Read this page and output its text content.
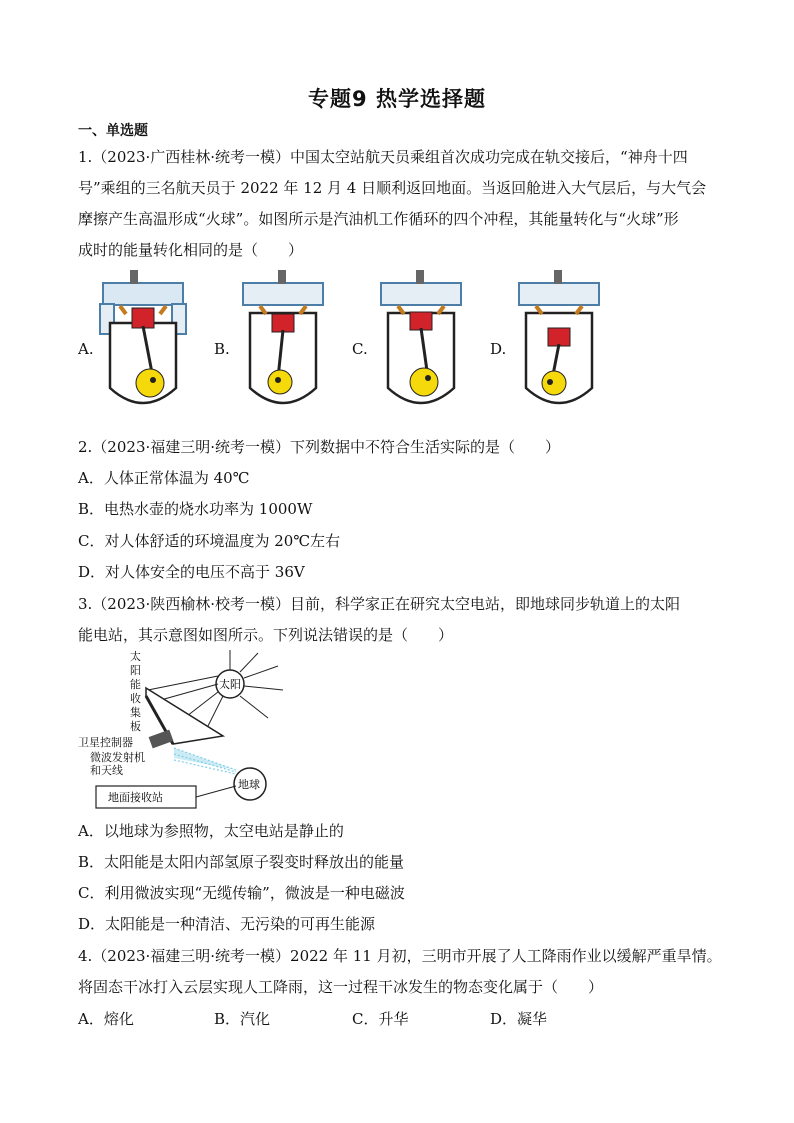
专题9 热学选择题
一、单选题
1.（2023·广西桂林·统考一模）中国太空站航天员乘组首次成功完成在轨交接后，“神舟十四
号”乘组的三名航天员于 2022 年 12 月 4 日顺利返回地面。当返回舱进入大气层后，与大气会
摩擦产生高温形成“火球”。如图所示是汽油机工作循环的四个冲程，其能量转化与“火球”形
成时的能量转化相同的是（　　）
A.	B.	C.	D.
2.（2023·福建三明·统考一模）下列数据中不符合生活实际的是（　　）
A．人体正常体温为 40℃
B．电热水壶的烧水功率为 1000W
C．对人体舒适的环境温度为 20℃左右
D．对人体安全的电压不高于 36V
3.（2023·陕西榆林·校考一模）目前，科学家正在研究太空电站，即地球同步轨道上的太阳
能电站，其示意图如图所示。下列说法错误的是（　　）
太
阳
能
收
集
板
卫星控制器
微波发射机
和天线
太阳
地球
地面接收站
A．以地球为参照物，太空电站是静止的
B．太阳能是太阳内部氢原子裂变时释放出的能量
C．利用微波实现“无缆传输”，微波是一种电磁波
D．太阳能是一种清洁、无污染的可再生能源
4.（2023·福建三明·统考一模）2022 年 11 月初，三明市开展了人工降雨作业以缓解严重旱情。
将固态干冰打入云层实现人工降雨，这一过程干冰发生的物态变化属于（　　）
A．熔化	B．汽化	C．升华	D．凝华
